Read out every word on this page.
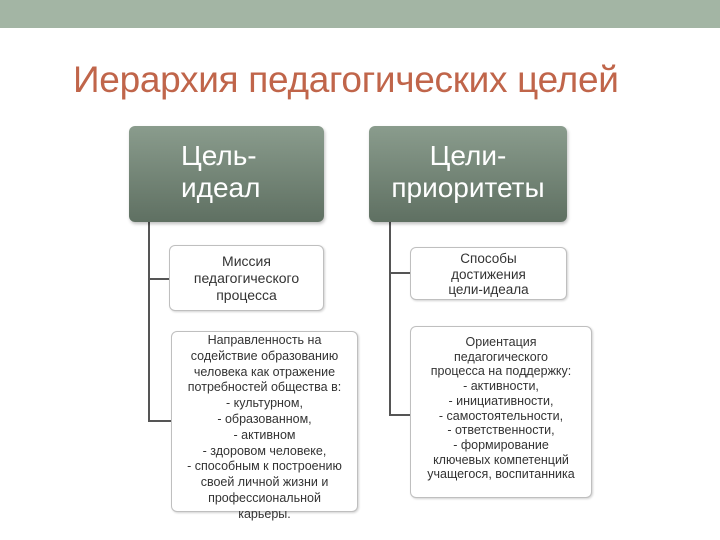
Иерархия педагогических целей
Цель-
идеал
Миссия
педагогического
процесса
Направленность на
содействие образованию
человека как отражение
потребностей общества в:
- культурном,
- образованном,
- активном
- здоровом человеке,
- способным к построению
своей личной жизни и
профессиональной
карьеры.
Цели-
приоритеты
Способы
достижения
цели-идеала
Ориентация
педагогического
процесса на поддержку:
- активности,
- инициативности,
- самостоятельности,
- ответственности,
- формирование
ключевых компетенций
учащегося, воспитанника
